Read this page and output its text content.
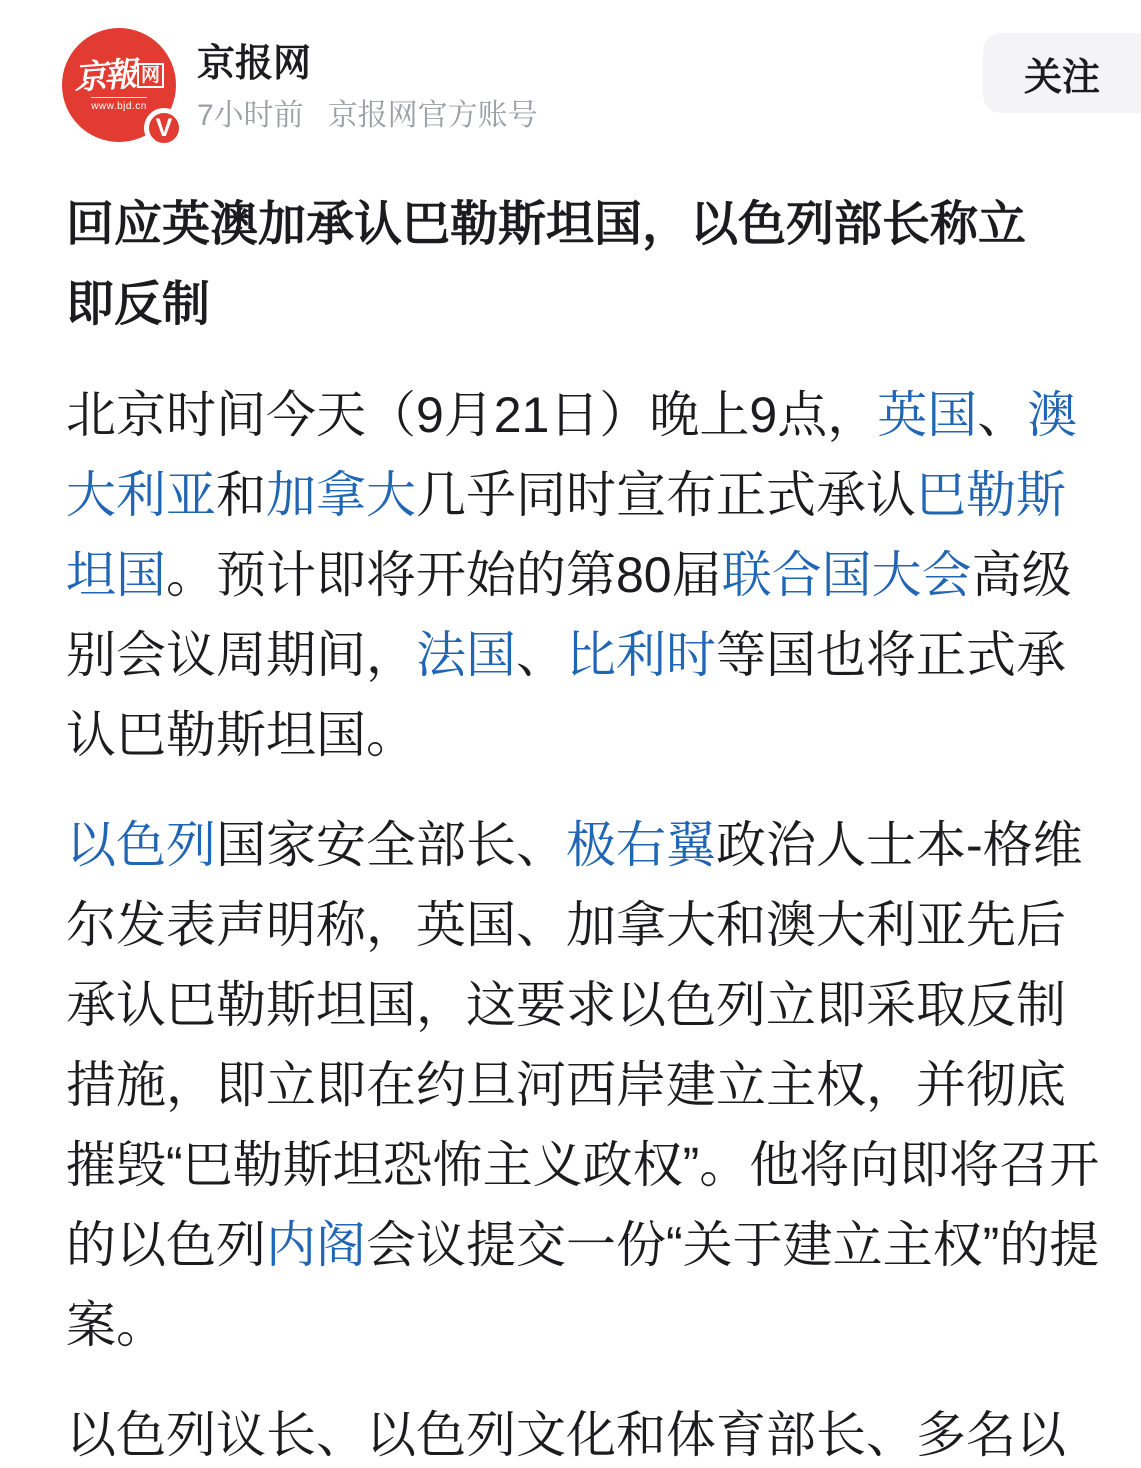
京報 网
www.bjd.cn
V
京报网
7小时前 京报网官方账号
关注
回应英澳加承认巴勒斯坦国，以色列部长称立
即反制

北京时间今天（9月21日）晚上9点，英国、澳
大利亚和加拿大几乎同时宣布正式承认巴勒斯
坦国。预计即将开始的第80届联合国大会高级
别会议周期间，法国、比利时等国也将正式承
认巴勒斯坦国。

以色列国家安全部长、极右翼政治人士本-格维
尔发表声明称，英国、加拿大和澳大利亚先后
承认巴勒斯坦国，这要求以色列立即采取反制
措施，即立即在约旦河西岸建立主权，并彻底
摧毁“巴勒斯坦恐怖主义政权”。他将向即将召开
的以色列内阁会议提交一份“关于建立主权”的提
案。

以色列议长、以色列文化和体育部长、多名以
